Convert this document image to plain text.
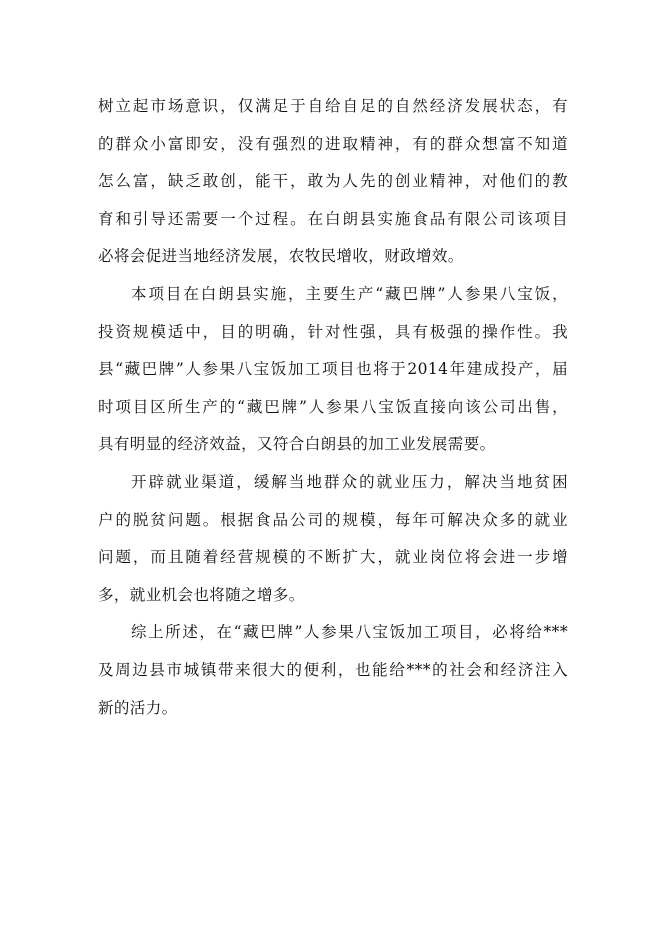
树立起市场意识，仅满足于自给自足的自然经济发展状态，有
的群众小富即安，没有强烈的进取精神，有的群众想富不知道
怎么富，缺乏敢创，能干，敢为人先的创业精神，对他们的教
育和引导还需要一个过程。在白朗县实施食品有限公司该项目
必将会促进当地经济发展，农牧民增收，财政增效。
本项目在白朗县实施，主要生产“藏巴牌”人参果八宝饭，
投资规模适中，目的明确，针对性强，具有极强的操作性。我
县“藏巴牌”人参果八宝饭加工项目也将于2014年建成投产，届
时项目区所生产的“藏巴牌”人参果八宝饭直接向该公司出售，
具有明显的经济效益，又符合白朗县的加工业发展需要。
开辟就业渠道，缓解当地群众的就业压力，解决当地贫困
户的脱贫问题。根据食品公司的规模，每年可解决众多的就业
问题，而且随着经营规模的不断扩大，就业岗位将会进一步增
多，就业机会也将随之增多。
综上所述，在“藏巴牌”人参果八宝饭加工项目，必将给***
及周边县市城镇带来很大的便利，也能给***的社会和经济注入
新的活力。
